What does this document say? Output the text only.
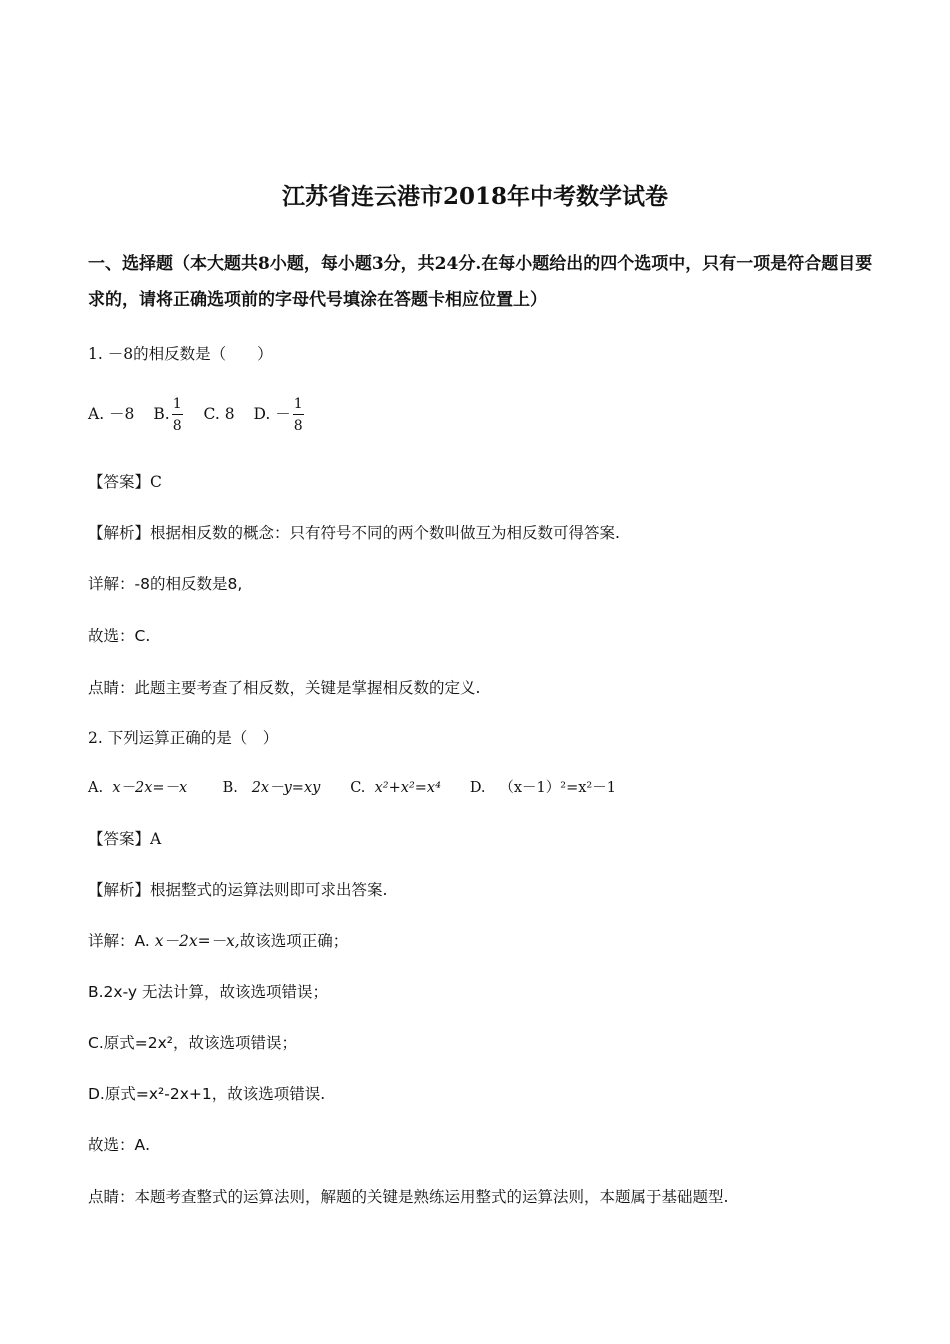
江苏省连云港市2018年中考数学试卷
一、选择题（本大题共8小题，每小题3分，共24分.在每小题给出的四个选项中，只有一项是符合题目要求的，请将正确选项前的字母代号填涂在答题卡相应位置上）
1. －8的相反数是（　　）
A. －8 B. $\frac{1}{8} C$. 8 D. － $\frac{1}{8}$
【答案】C
【解析】根据相反数的概念：只有符号不同的两个数叫做互为相反数可得答案.
详解：-8的相反数是8,
故选：C.
点睛：此题主要考查了相反数，关键是掌握相反数的定义.
2. 下列运算正确的是（　）
A. x－2x=－x B. 2x－y=xy C. x²+x²=x⁴ D. （x－1）²=x²－1
【答案】A
【解析】根据整式的运算法则即可求出答案.
详解：A. x－2x=－x,故该选项正确；
B.2x-y 无法计算，故该选项错误；
C.原式=2x²，故该选项错误；
D.原式=x²-2x+1，故该选项错误.
故选：A.
点睛：本题考查整式的运算法则，解题的关键是熟练运用整式的运算法则，本题属于基础题型.
